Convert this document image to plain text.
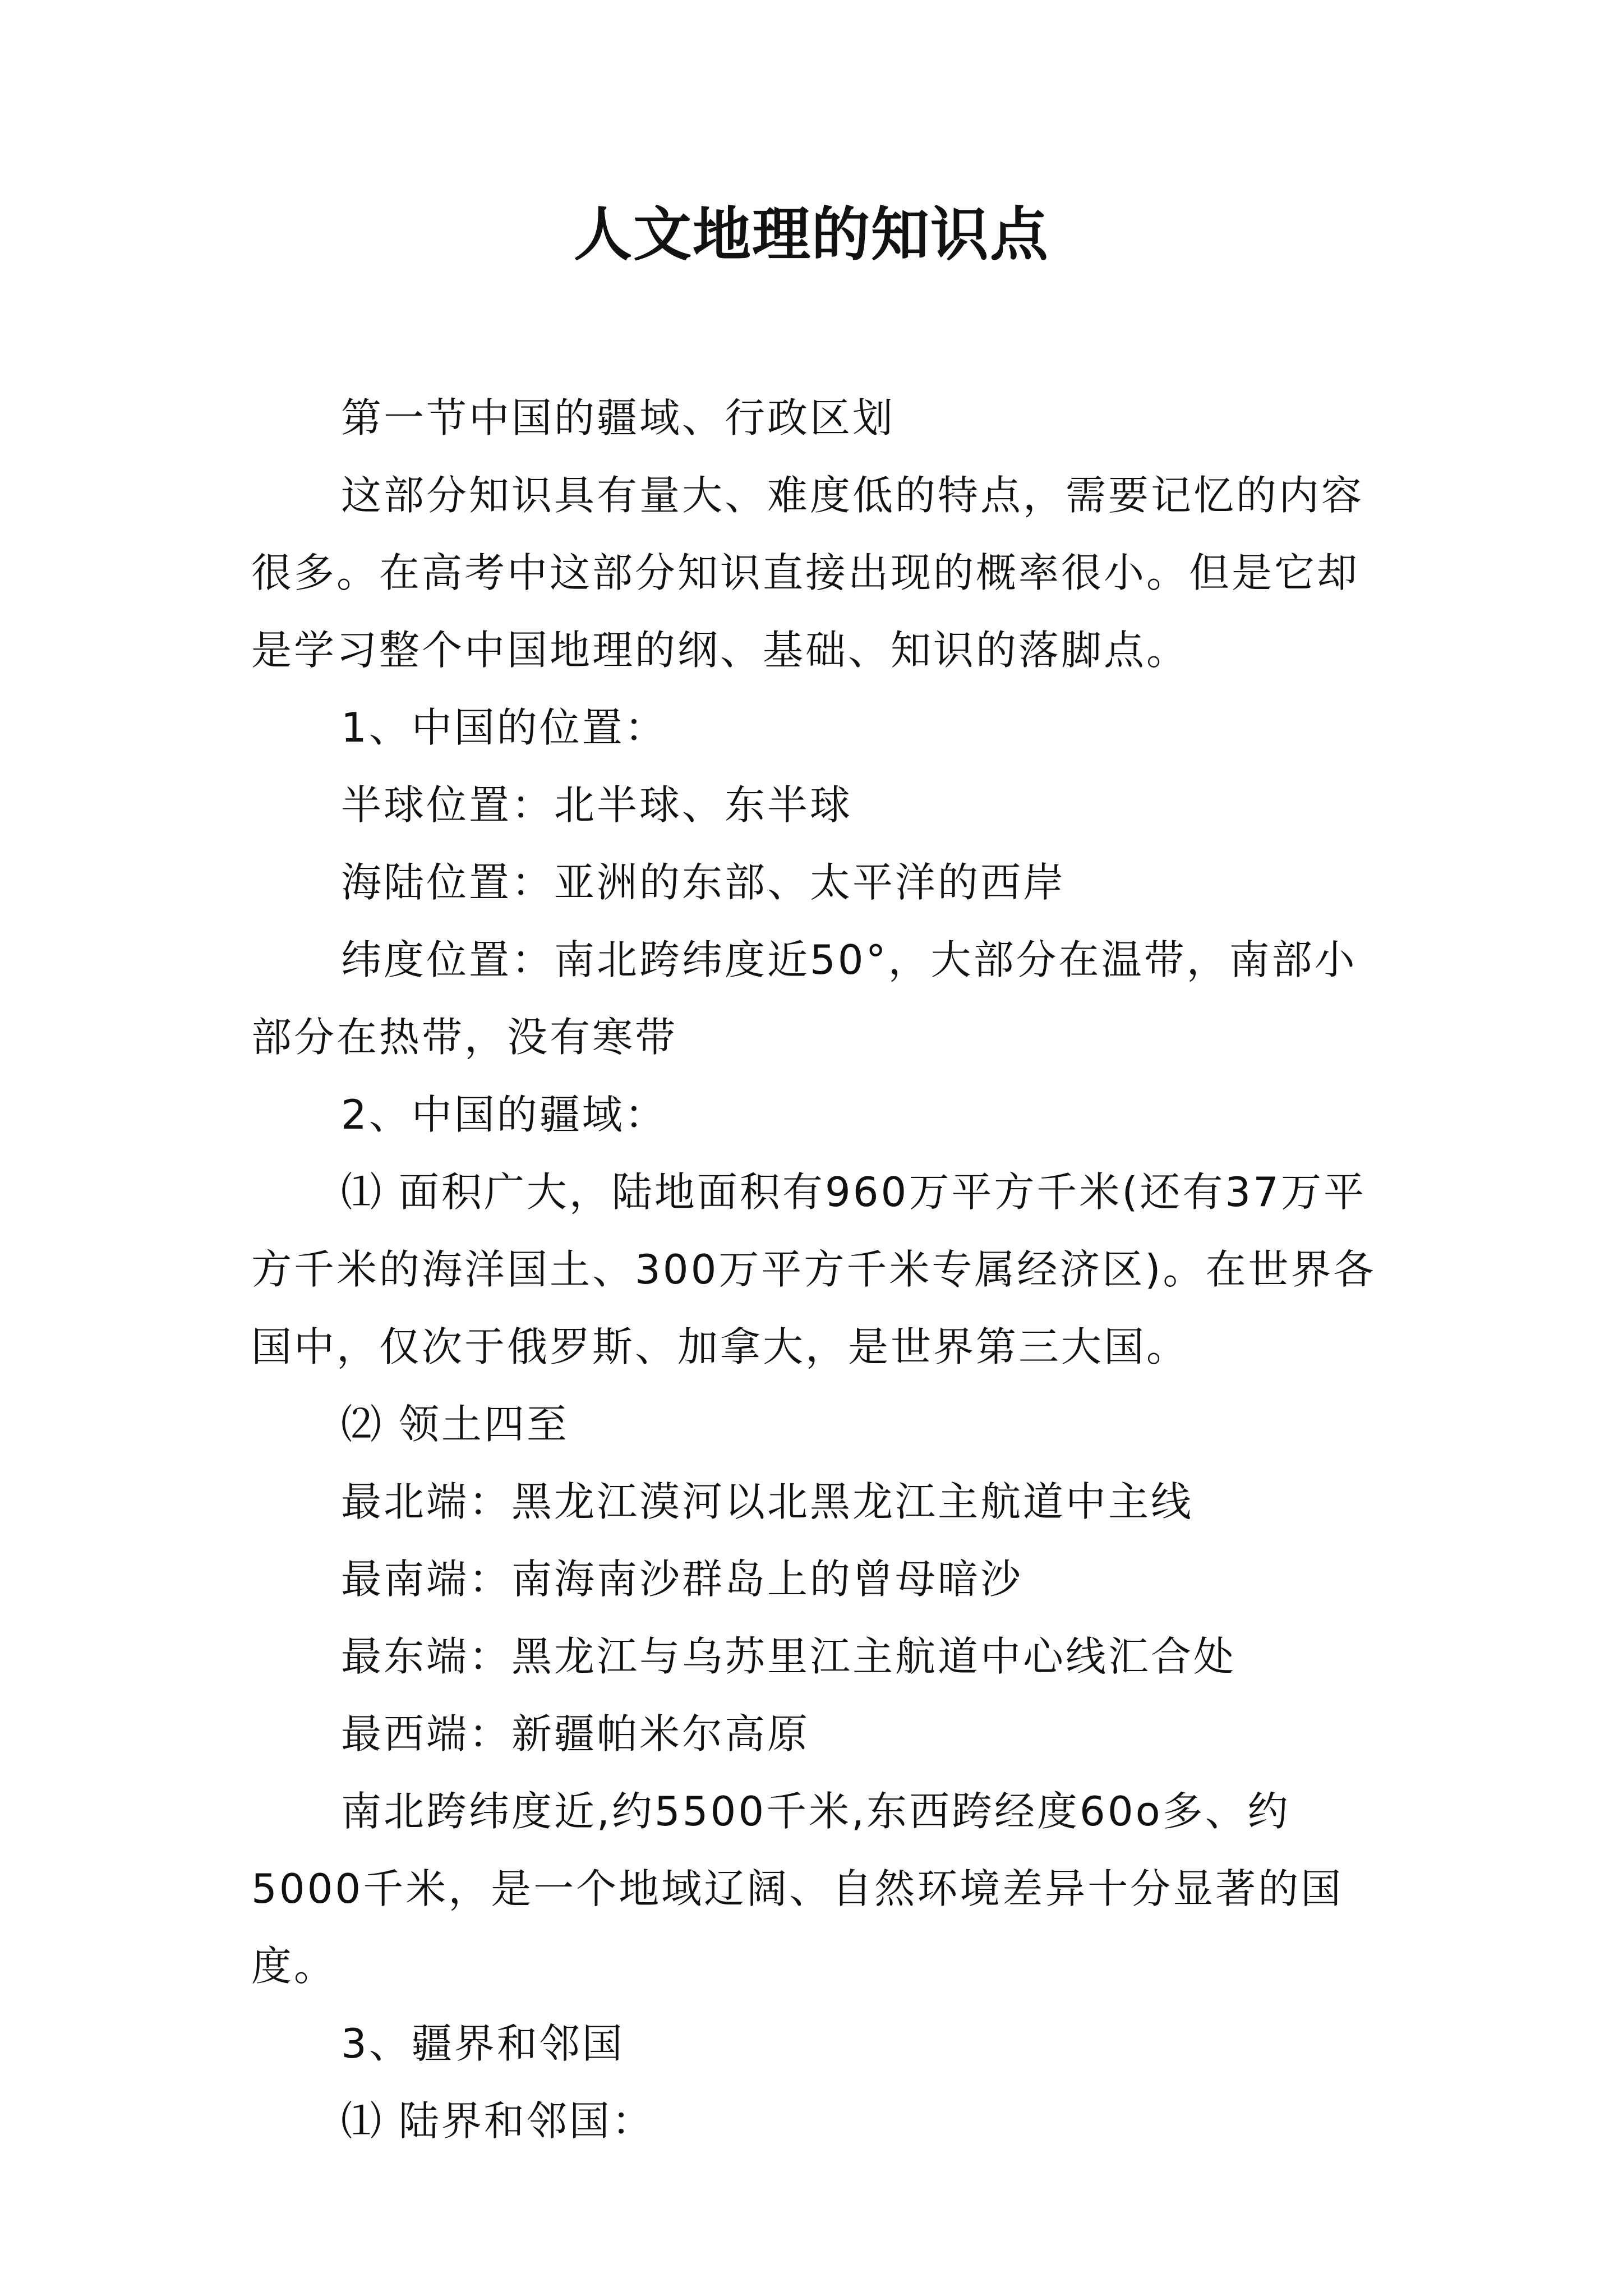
人文地理的知识点

第一节中国的疆域、行政区划

这部分知识具有量大、难度低的特点，需要记忆的内容很多。在高考中这部分知识直接出现的概率很小。但是它却是学习整个中国地理的纲、基础、知识的落脚点。

1、中国的位置：

半球位置：北半球、东半球

海陆位置：亚洲的东部、太平洋的西岸

纬度位置：南北跨纬度近50°，大部分在温带，南部小部分在热带，没有寒带

2、中国的疆域：

⑴ 面积广大，陆地面积有960万平方千米(还有37万平方千米的海洋国土、300万平方千米专属经济区)。在世界各国中，仅次于俄罗斯、加拿大，是世界第三大国。

⑵ 领土四至

最北端：黑龙江漠河以北黑龙江主航道中主线

最南端：南海南沙群岛上的曾母暗沙

最东端：黑龙江与乌苏里江主航道中心线汇合处

最西端：新疆帕米尔高原

南北跨纬度近,约5500千米,东西跨经度60o多、约5000千米，是一个地域辽阔、自然环境差异十分显著的国度。

3、疆界和邻国

⑴ 陆界和邻国：
